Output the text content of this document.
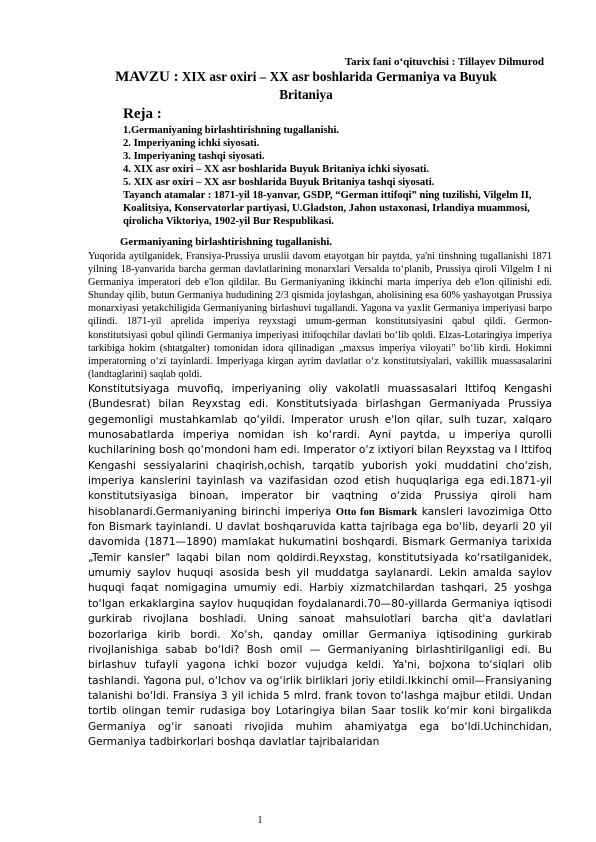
Tarix fani o‘qituvchisi : Tillayev Dilmurod
MAVZU : XIX asr oxiri – XX asr boshlarida Germaniya va Buyuk Britaniya
Reja :
1.Germaniyaning birlashtirishning tugallanishi.
2. Imperiyaning ichki siyosati.
3. Imperiyaning tashqi siyosati.
4. XIX asr oxiri – XX asr boshlarida Buyuk Britaniya ichki siyosati.
5. XIX asr oxiri – XX asr boshlarida Buyuk Britaniya tashqi siyosati.
Tayanch atamalar : 1871-yil 18-yanvar, GSDP, “German ittifoqi” ning tuzilishi, Vilgelm II, Koalitsiya, Konservatorlar partiyasi, U.Gladston, Jahon ustaxonasi, Irlandiya muammosi, qirolicha Viktoriya, 1902-yil Bur Respublikasi.
Germaniyaning birlashtirishning tugallanishi.

Yuqorida aytilganidek, Fransiya-Prussiya uruslii davom etayotgan bir paytda, ya'ni tinshning tugallanishi 1871 yilning 18-yanvarida barcha german davlatlarining monarxlari Versalda to‘planib, Prussiya qiroli Vilgelm I ni Germaniya imperatori deb e'lon qildilar. Bu Germaniyaning ikkinchi marta imperiya deb e'lon qilinishi edi. Shunday qilib, butun Germaniya hududining 2/3 qismida joylashgan, aholisining esa 60% yashayotgan Prussiya monarxiyasi yetakchiligida Germaniyaning birlashuvi tugallandi. Yagona va yaxlit Germaniya imperiyasi barpo qilindi. 1871-yil aprelida imperiya reyxstagi umum-german konstitutsiyasini qabul qildi. Germon- konstitutsiyasi qobul qilindi Germaniya imperiyasi ittifoqchilar davlati bo‘lib qoldi. Elzas-Lotaringiya imperiya tarkibiga hokim (shtatgalter) tomonidan idora qilinadigan „maxsus imperiya viloyati" bo‘lib kirdi. Hokimni imperatorning o‘zi tayinlardi. Imperiyaga kirgan ayrim davlatlar o‘z konstitutsiyalari, vakillik muassasalarini (landtaglarini) saqlab qoldi.

Konstitutsiyaga muvofiq, imperiyaning oliy vakolatli muassasalari Ittifoq Kengashi (Bundesrat) bilan Reyxstag edi. Konstitutsiyada birlashgan Germaniyada Prussiya gegemonligi mustahkamlab qo‘yildi. Imperator urush e'lon qilar, sulh tuzar, xalqaro munosabatlarda imperiya nomidan ish ko‘rardi. Ayni paytda, u imperiya qurolli kuchilarining bosh qo‘mondoni ham edi. Imperator o‘z ixtiyori bilan Reyxstag va I Ittifoq Kengashi sessiyalarini chaqirish,ochish, tarqatib yuborish yoki muddatini cho‘zish, imperiya kanslerini tayinlash va vazifasidan ozod etish huquqlariga ega edi.1871-yil konstitutsiyasiga binoan, imperator bir vaqtning o‘zida Prussiya qiroli ham hisoblanardi.Germaniyaning birinchi imperiya Otto fon Bismark kansleri lavozimiga Otto fon Bismark tayinlandi. U davlat boshqaruvida katta tajribaga ega bo‘lib, deyarli 20 yil davomida (1871—1890) mamlakat hukumatini boshqardi. Bismark Germaniya tarixida „Temir kansler" laqabi bilan nom qoldirdi.Reyxstag, konstitutsiyada ko‘rsatilganidek, umumiy saylov huquqi asosida besh yil muddatga saylanardi. Lekin amalda saylov huquqi faqat nomigagina umumiy edi. Harbiy xizmatchilardan tashqari, 25 yoshga to‘lgan erkaklargina saylov huquqidan foydalanardi.70—80-yillarda Germaniya iqtisodi gurkirab rivojlana boshladi. Uning sanoat mahsulotlari barcha qit'a davlatlari bozorlariga kirib bordi. Xo‘sh, qanday omillar Germaniya iqtisodining gurkirab rivojlanishiga sabab bo‘ldi? Bosh omil — Germaniyaning birlashtirilganligi edi. Bu birlashuv tufayli yagona ichki bozor vujudga keldi. Ya'ni, bojxona to‘siqlari olib tashlandi. Yagona pul, o‘lchov va og‘irlik birliklari joriy etildi.Ikkinchi omil—Fransiyaning talanishi bo‘ldi. Fransiya 3 yil ichida 5 mlrd. frank tovon to‘lashga majbur etildi. Undan tortib olingan temir rudasiga boy Lotaringiya bilan Saar toslik ko‘mir koni birgalikda Germaniya og‘ir sanoati rivojida muhim ahamiyatga ega bo‘ldi.Uchinchidan, Germaniya tadbirkorlari boshqa davlatlar tajribalaridan

1
